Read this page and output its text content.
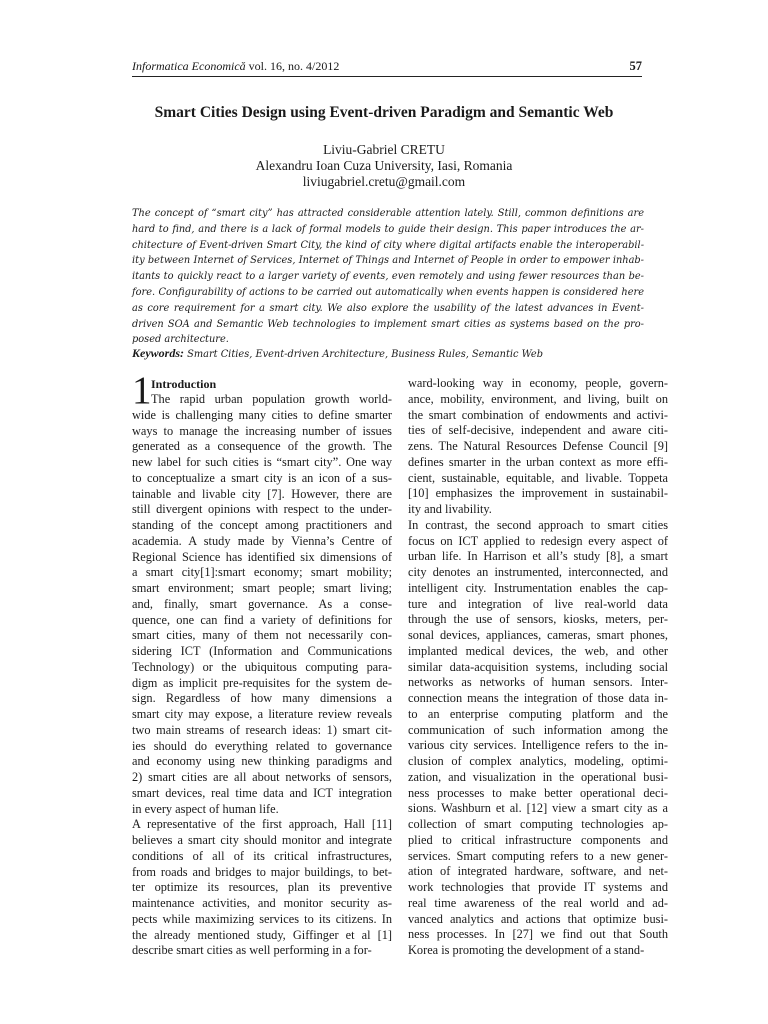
Informatica Economică vol. 16, no. 4/2012	57
Smart Cities Design using Event-driven Paradigm and Semantic Web
Liviu-Gabriel CRETU
Alexandru Ioan Cuza University, Iasi, Romania
liviugabriel.cretu@gmail.com

The concept of “smart city” has attracted considerable attention lately. Still, common definitions are

hard to find, and there is a lack of formal models to guide their design. This paper introduces the ar-

chitecture of Event-driven Smart City, the kind of city where digital artifacts enable the interoperabil-

ity between Internet of Services, Internet of Things and Internet of People in order to empower inhab-

itants to quickly react to a larger variety of events, even remotely and using fewer resources than be-

fore. Configurability of actions to be carried out automatically when events happen is considered here

as core requirement for a smart city. We also explore the usability of the latest advances in Event-

driven SOA and Semantic Web technologies to implement smart cities as systems based on the pro-

posed architecture.

Keywords: Smart Cities, Event-driven Architecture, Business Rules, Semantic Web
1 Introduction
The rapid urban population growth world-
wide is challenging many cities to define smarter
ways to manage the increasing number of issues
generated as a consequence of the growth. The
new label for such cities is “smart city”. One way
to conceptualize a smart city is an icon of a sus-
tainable and livable city [7]. However, there are
still divergent opinions with respect to the under-
standing of the concept among practitioners and
academia. A study made by Vienna’s Centre of
Regional Science has identified six dimensions of
a smart city[1]:smart economy; smart mobility;
smart environment; smart people; smart living;
and, finally, smart governance. As a conse-
quence, one can find a variety of definitions for
smart cities, many of them not necessarily con-
sidering ICT (Information and Communications
Technology) or the ubiquitous computing para-
digm as implicit pre-requisites for the system de-
sign. Regardless of how many dimensions a
smart city may expose, a literature review reveals
two main streams of research ideas: 1) smart cit-
ies should do everything related to governance
and economy using new thinking paradigms and
2) smart cities are all about networks of sensors,
smart devices, real time data and ICT integration
in every aspect of human life.
A representative of the first approach, Hall [11]
believes a smart city should monitor and integrate
conditions of all of its critical infrastructures,
from roads and bridges to major buildings, to bet-
ter optimize its resources, plan its preventive
maintenance activities, and monitor security as-
pects while maximizing services to its citizens. In
the already mentioned study, Giffinger et al [1]
describe smart cities as well performing in a for-
ward-looking way in economy, people, govern-
ance, mobility, environment, and living, built on
the smart combination of endowments and activi-
ties of self-decisive, independent and aware citi-
zens. The Natural Resources Defense Council [9]
defines smarter in the urban context as more effi-
cient, sustainable, equitable, and livable. Toppeta
[10] emphasizes the improvement in sustainabil-
ity and livability.
In contrast, the second approach to smart cities
focus on ICT applied to redesign every aspect of
urban life. In Harrison et all’s study [8], a smart
city denotes an instrumented, interconnected, and
intelligent city. Instrumentation enables the cap-
ture and integration of live real-world data
through the use of sensors, kiosks, meters, per-
sonal devices, appliances, cameras, smart phones,
implanted medical devices, the web, and other
similar data-acquisition systems, including social
networks as networks of human sensors. Inter-
connection means the integration of those data in-
to an enterprise computing platform and the
communication of such information among the
various city services. Intelligence refers to the in-
clusion of complex analytics, modeling, optimi-
zation, and visualization in the operational busi-
ness processes to make better operational deci-
sions. Washburn et al. [12] view a smart city as a
collection of smart computing technologies ap-
plied to critical infrastructure components and
services. Smart computing refers to a new gener-
ation of integrated hardware, software, and net-
work technologies that provide IT systems and
real time awareness of the real world and ad-
vanced analytics and actions that optimize busi-
ness processes. In [27] we find out that South
Korea is promoting the development of a stand-
